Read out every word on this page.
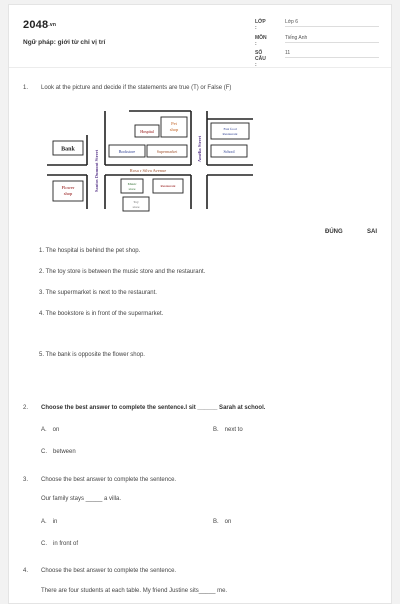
2048.vn
Ngữ pháp: giới từ chỉ vị trí
LỚP :
Lớp 6
MÔN :
Tiếng Anh
SỐ CÂU :
11
1. Look at the picture and decide if the statements are true (T) or False (F)
Bank
Flower
shop
Hospital
Pet
shop
Bookstore	Supermarket
Fast food
Restaurant
School
Music
store
Toy
store
Restaurant
Rosa r Silva Avenue
Santos Dumont Street
Amélia Street
ĐÚNG	SAI
1. The hospital is behind the pet shop.
2. The toy store is between the music store and the restaurant.
3. The supermarket is next to the restaurant.
4. The bookstore is in front of the supermarket.
5. The bank is opposite the flower shop.
2. Choose the best answer to complete the sentence.I sit ______ Sarah at school.
A. on	B. next to
C. between
3. Choose the best answer to complete the sentence.
Our family stays _____ a villa.
A. in	B. on
C. in front of
4. Choose the best answer to complete the sentence.
There are four students at each table. My friend Justine sits_____ me.
